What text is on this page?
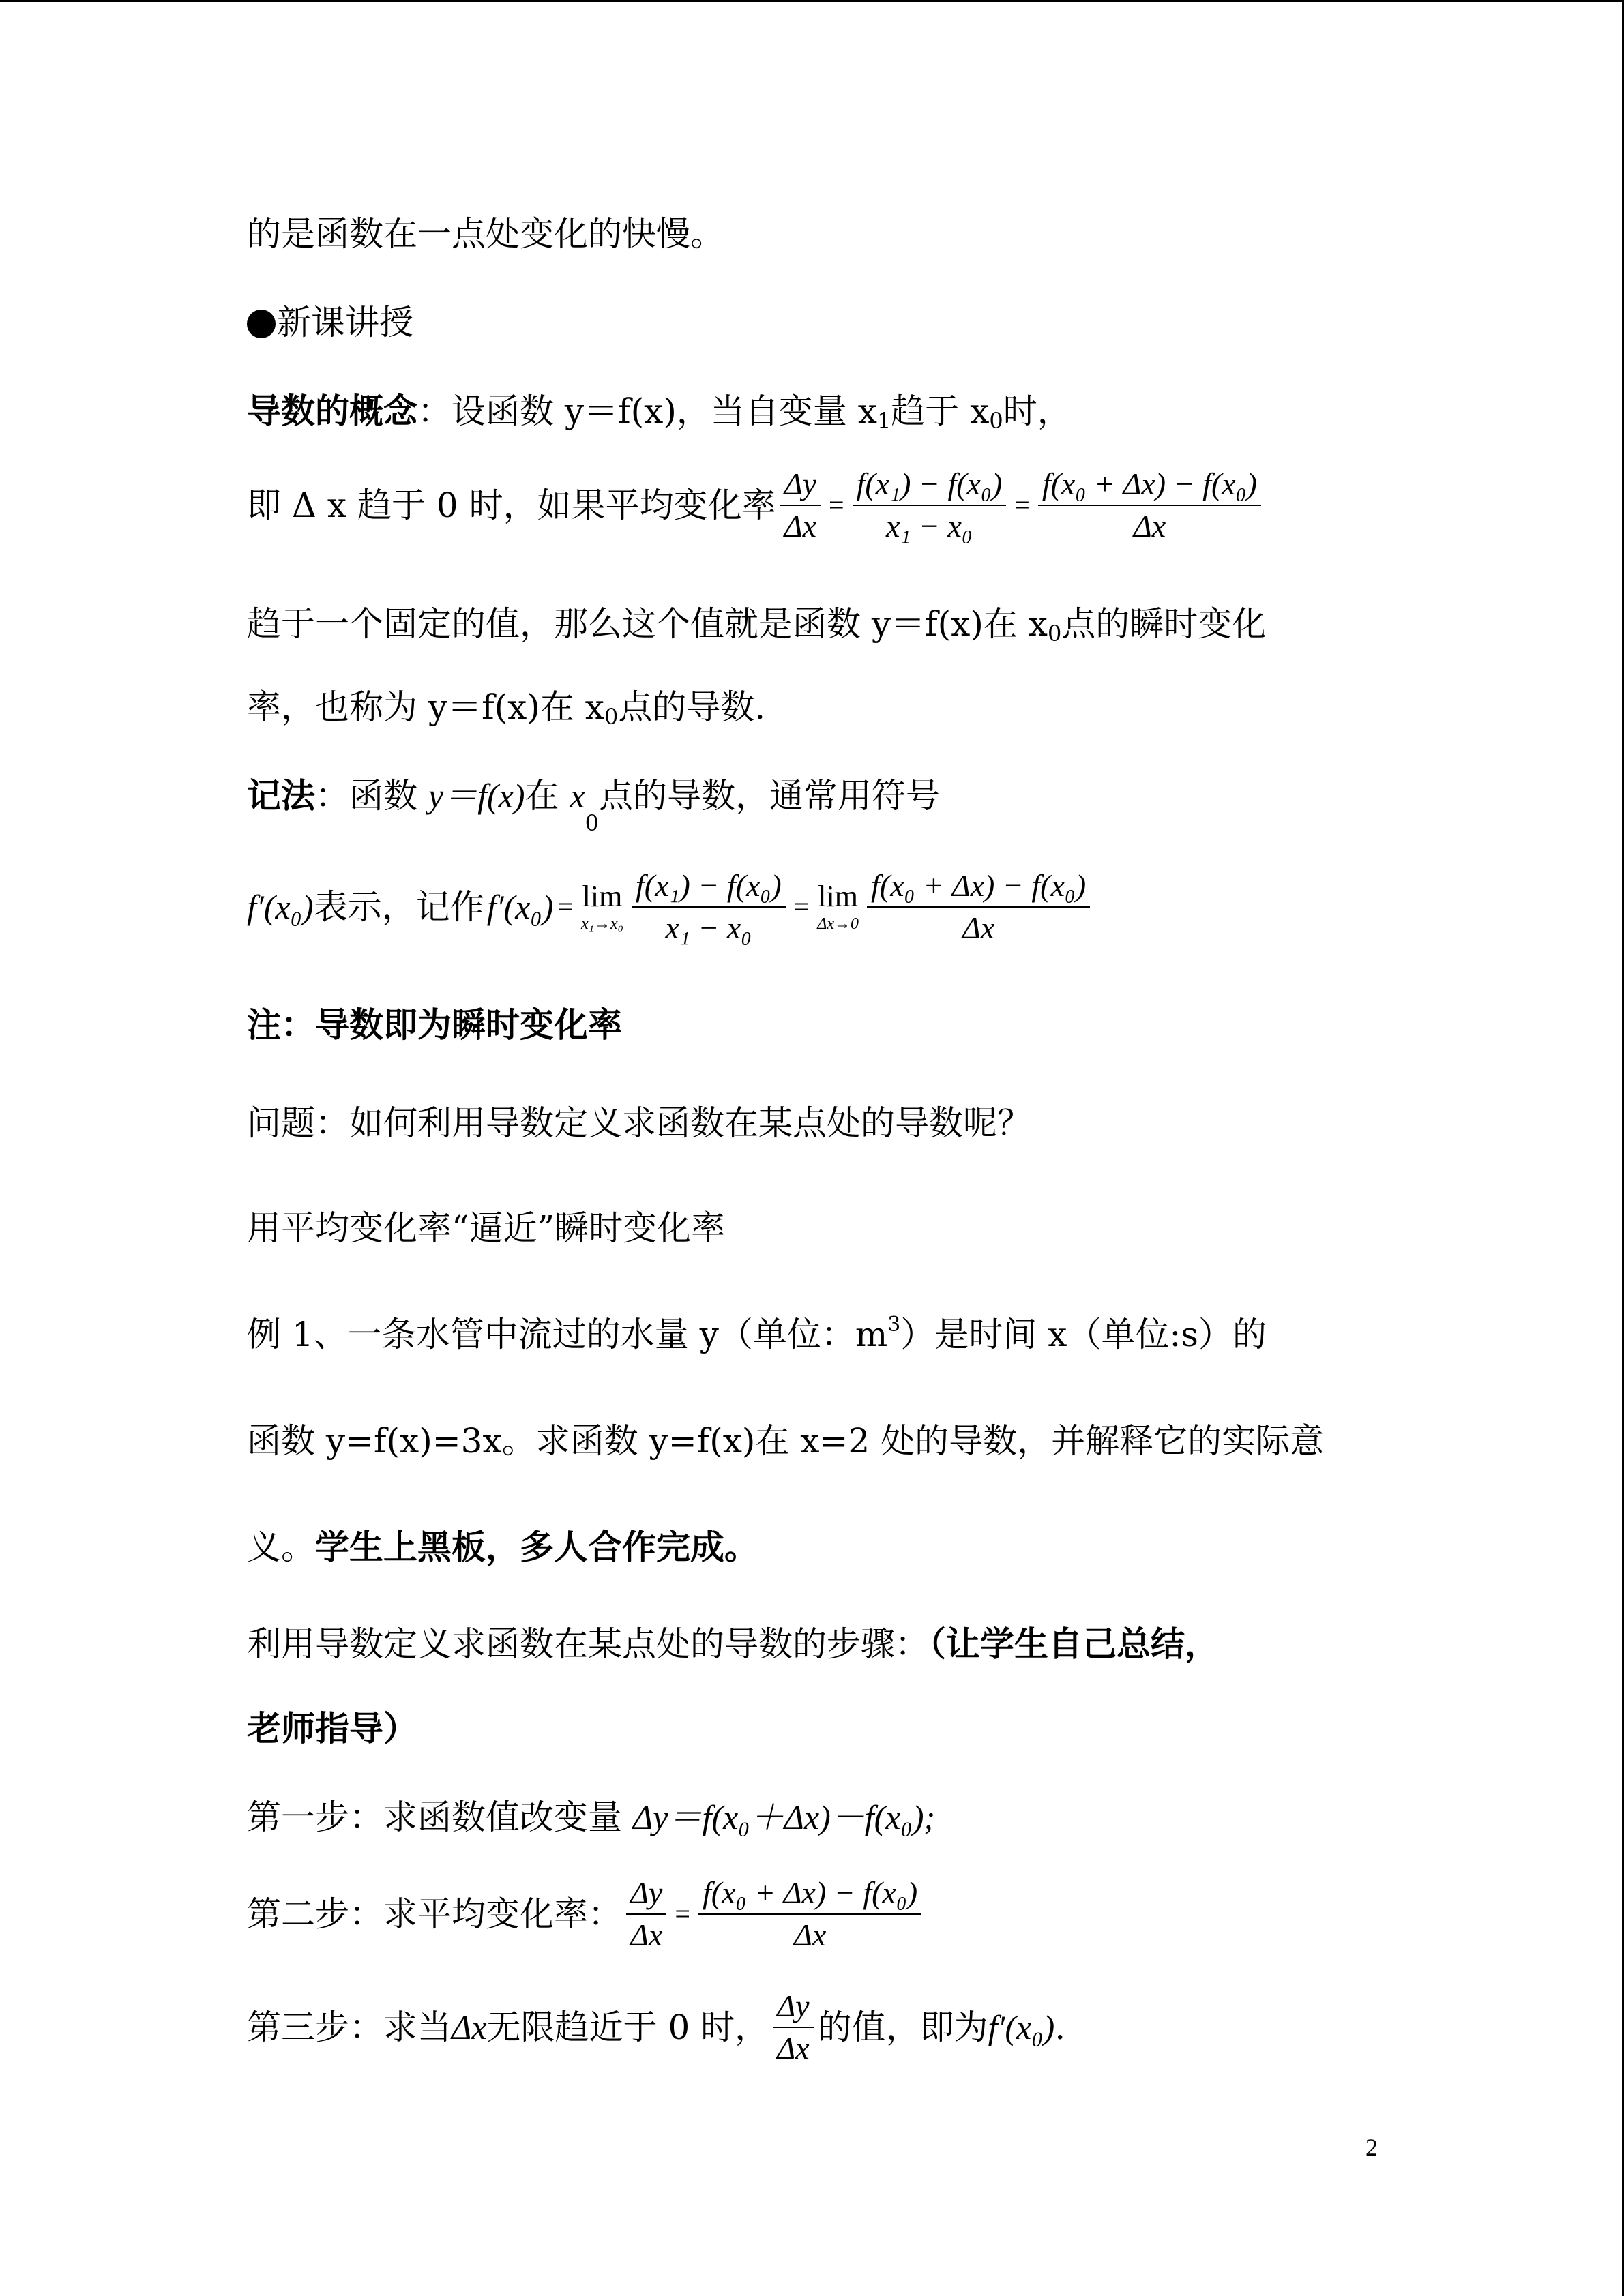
的是函数在一点处变化的快慢。
新课讲授
导数的概念：设函数 y＝f(x)，当自变量 $x_1$趋于 $x_0$时，
即 Δ x 趋于 0 时，如果平均变化率 $\frac{\Delta y}{\Delta x} = \frac{\text{f(x₁) − f(x₀)}}{\text{x₁ − x₀}} = \frac{\text{f(x₀ + Δx) − f(x₀)}}{\Delta x}$
趋于一个固定的值，那么这个值就是函数 y＝f(x)在 $x_0$点的瞬时变化
率，也称为 y＝f(x)在 $x_0$点的导数.
记法：函数 y＝f(x)在 $x_0$点的导数，通常用符号
f′(x₀) 表示，记作 f′(x₀) = lim
$x_1\to x_0 \frac{\text{f(x₁) − f(x₀)}}{\text{x₁ − x₀}} = \lim$
$\Delta x\to 0 \frac{\text{f(x₀ + Δx) − f(x₀)}}{\Delta x}$
注：导数即为瞬时变化率
问题：如何利用导数定义求函数在某点处的导数呢？
用平均变化率“逼近”瞬时变化率
例 1、一条水管中流过的水量 y（单位：$m^3$）是时间 x（单位:s）的
函数 y=f(x)=3x。求函数 y=f(x)在 x=2 处的导数，并解释它的实际意
义。学生上黑板，多人合作完成。
利用导数定义求函数在某点处的导数的步骤：（让学生自己总结，
老师指导）
第一步：求函数值改变量 Δy＝f(x₀＋Δx)－f(x₀);
第二步：求平均变化率： $\frac{\Delta y}{\Delta x} = \frac{\text{f(x₀ + Δx) − f(x₀)}}{\Delta x}$
第三步：求当 Δx 无限趋近于 0 时， $\frac{\Delta y}{\Delta x}$ 的值，即为 f′(x₀) .
2
